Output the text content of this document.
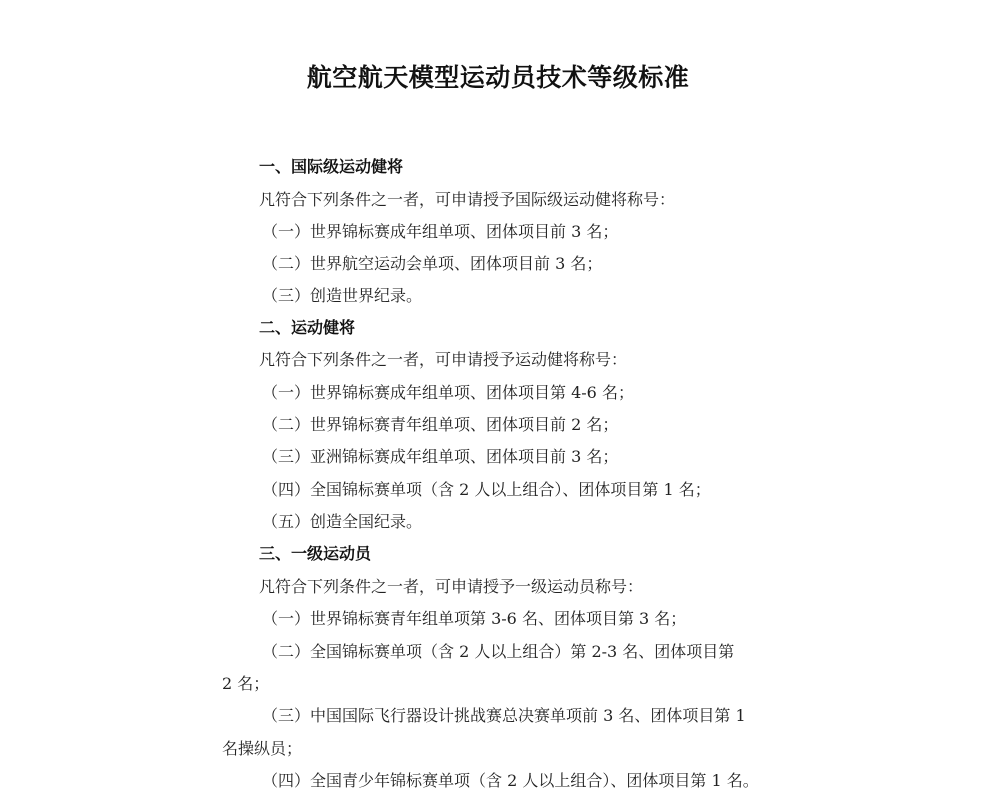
航空航天模型运动员技术等级标准
一、国际级运动健将
凡符合下列条件之一者，可申请授予国际级运动健将称号：
（一）世界锦标赛成年组单项、团体项目前 3 名；
（二）世界航空运动会单项、团体项目前 3 名；
（三）创造世界纪录。
二、运动健将
凡符合下列条件之一者，可申请授予运动健将称号：
（一）世界锦标赛成年组单项、团体项目第 4-6 名；
（二）世界锦标赛青年组单项、团体项目前 2 名；
（三）亚洲锦标赛成年组单项、团体项目前 3 名；
（四）全国锦标赛单项（含 2 人以上组合）、团体项目第 1 名；
（五）创造全国纪录。
三、一级运动员
凡符合下列条件之一者，可申请授予一级运动员称号：
（一）世界锦标赛青年组单项第 3-6 名、团体项目第 3 名；
（二）全国锦标赛单项（含 2 人以上组合）第 2-3 名、团体项目第
2 名；
（三）中国国际飞行器设计挑战赛总决赛单项前 3 名、团体项目第 1
名操纵员；
（四）全国青少年锦标赛单项（含 2 人以上组合）、团体项目第 1 名。
